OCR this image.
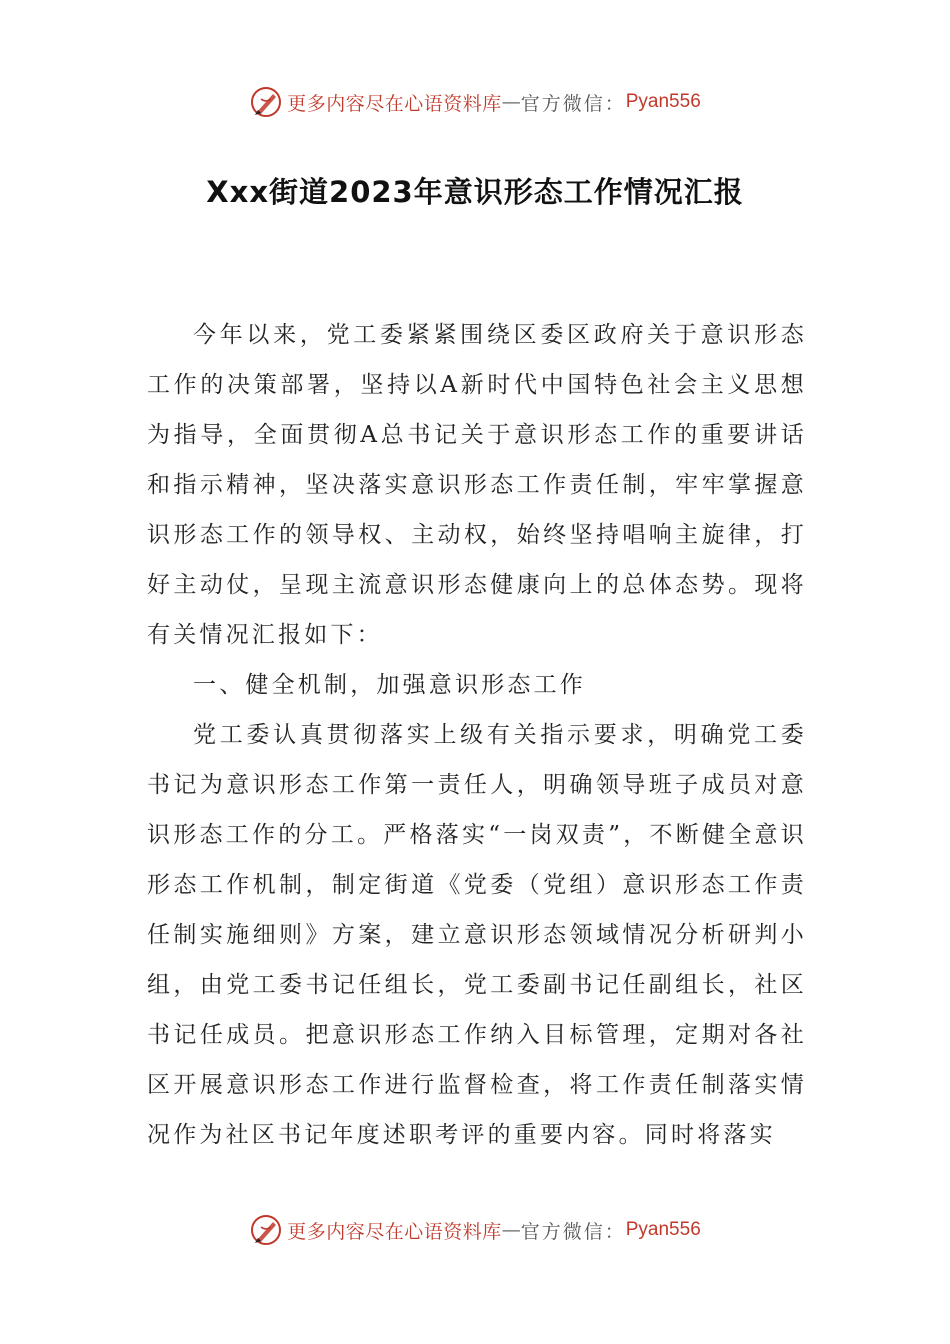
更多内容尽在心语资料库 — 官方微信： Pyan556
Xxx街道2023年意识形态工作情况汇报

今年以来，党工委紧紧围绕区委区政府关于意识形态工作的决策部署，坚持以A新时代中国特色社会主义思想为指导，全面贯彻A总书记关于意识形态工作的重要讲话和指示精神，坚决落实意识形态工作责任制，牢牢掌握意识形态工作的领导权、主动权，始终坚持唱响主旋律，打好主动仗，呈现主流意识形态健康向上的总体态势。现将有关情况汇报如下：

一、健全机制，加强意识形态工作

党工委认真贯彻落实上级有关指示要求，明确党工委书记为意识形态工作第一责任人，明确领导班子成员对意识形态工作的分工。严格落实“一岗双责”，不断健全意识形态工作机制，制定街道《党委（党组）意识形态工作责任制实施细则》方案，建立意识形态领域情况分析研判小组，由党工委书记任组长，党工委副书记任副组长，社区书记任成员。把意识形态工作纳入目标管理，定期对各社区开展意识形态工作进行监督检查，将工作责任制落实情况作为社区书记年度述职考评的重要内容。同时将落实

更多内容尽在心语资料库 — 官方微信： Pyan556
